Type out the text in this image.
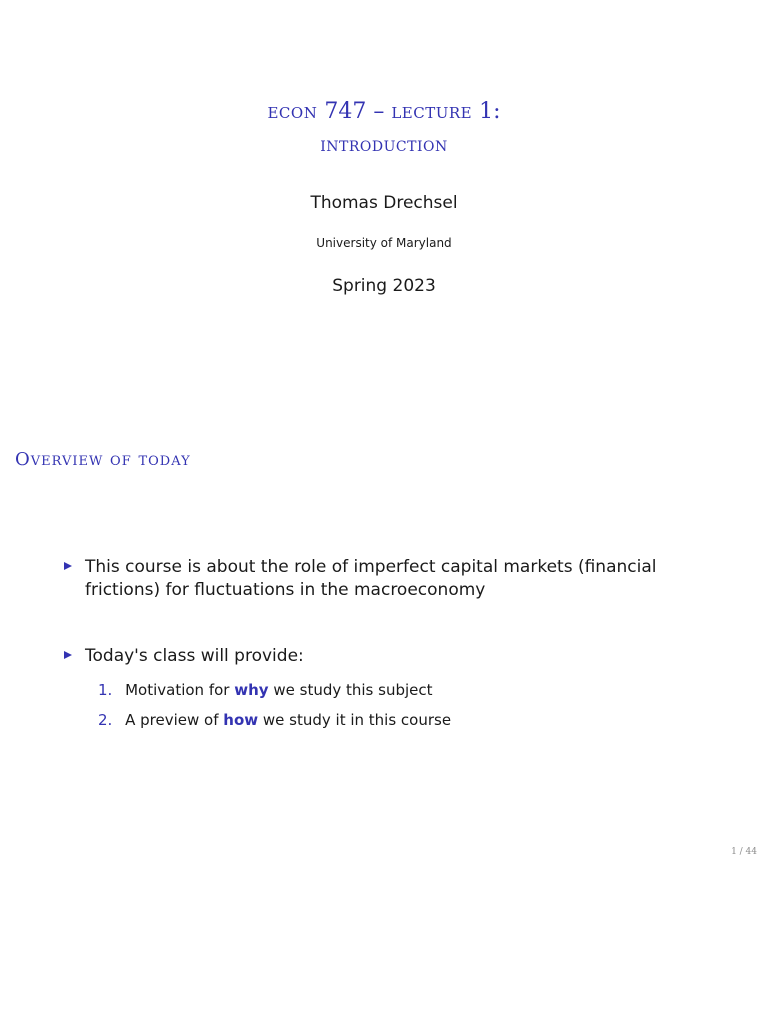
econ 747 – lecture 1:
introduction
Thomas Drechsel
University of Maryland
Spring 2023
Overview of today
This course is about the role of imperfect capital markets (financial frictions) for fluctuations in the macroeconomy
Today's class will provide:
1. Motivation for why we study this subject
2. A preview of how we study it in this course
1 / 44
